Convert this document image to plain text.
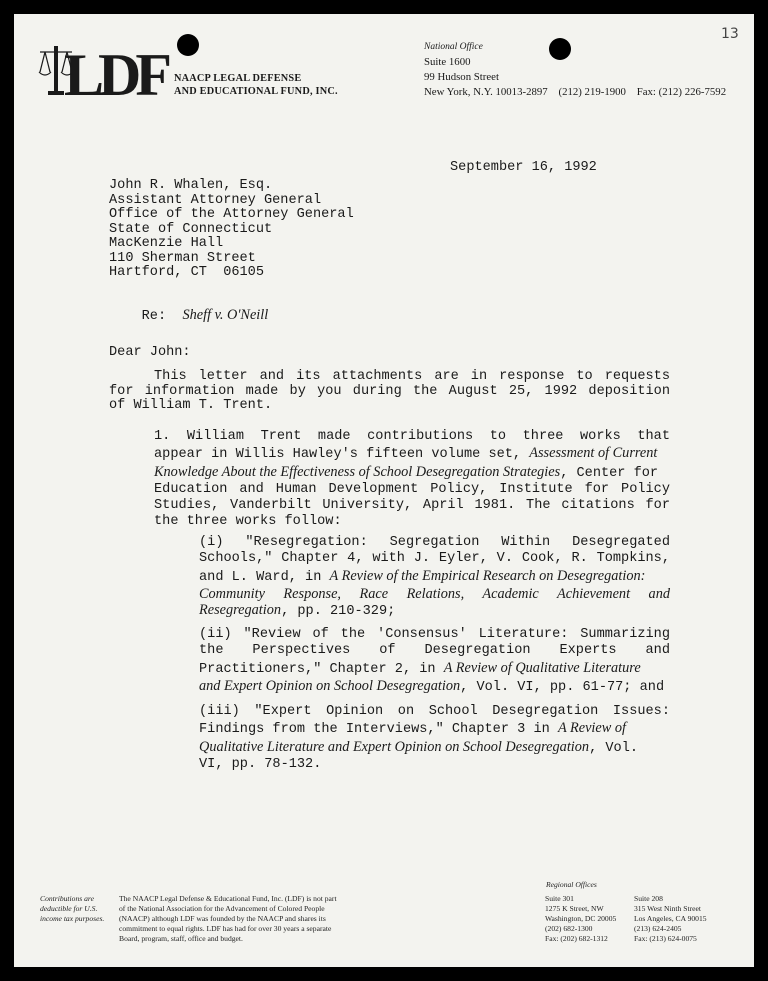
13
LDF NAACP LEGAL DEFENSE
AND EDUCATIONAL FUND, INC.
National Office
Suite 1600
99 Hudson Street
New York, N.Y. 10013-2897    (212) 219-1900    Fax: (212) 226-7592
September 16, 1992
John R. Whalen, Esq.
Assistant Attorney General
Office of the Attorney General
State of Connecticut
MacKenzie Hall
110 Sherman Street
Hartford, CT  06105

Re: Sheff v. O'Neill

Dear John:
This letter and its attachments are in response to requests
for information made by you during the August 25, 1992 deposition
of William T. Trent.
1. William Trent made contributions to three works that
appear in Willis Hawley's fifteen volume set, Assessment of Current
Knowledge About the Effectiveness of School Desegregation Strategies, Center for
Education and Human Development Policy, Institute for Policy
Studies, Vanderbilt University, April 1981. The citations for
the three works follow:
(i) "Resegregation: Segregation Within Desegregated
Schools," Chapter 4, with J. Eyler, V. Cook, R. Tompkins,
and L. Ward, in A Review of the Empirical Research on Desegregation:
Community Response, Race Relations, Academic Achievement and
Resegregation, pp. 210-329;
(ii) "Review of the 'Consensus' Literature: Summarizing
the Perspectives of Desegregation Experts and
Practitioners," Chapter 2, in A Review of Qualitative Literature
and Expert Opinion on School Desegregation, Vol. VI, pp. 61-77; and
(iii) "Expert Opinion on School Desegregation Issues:
Findings from the Interviews," Chapter 3 in A Review of
Qualitative Literature and Expert Opinion on School Desegregation, Vol.
VI, pp. 78-132.
Contributions are
deductible for U.S.
income tax purposes.
The NAACP Legal Defense & Educational Fund, Inc. (LDF) is not part
of the National Association for the Advancement of Colored People
(NAACP) although LDF was founded by the NAACP and shares its
commitment to equal rights. LDF has had for over 30 years a separate
Board, program, staff, office and budget.
Regional Offices
Suite 301
1275 K Street, NW
Washington, DC 20005
(202) 682-1300
Fax: (202) 682-1312
Suite 208
315 West Ninth Street
Los Angeles, CA 90015
(213) 624-2405
Fax: (213) 624-0075
